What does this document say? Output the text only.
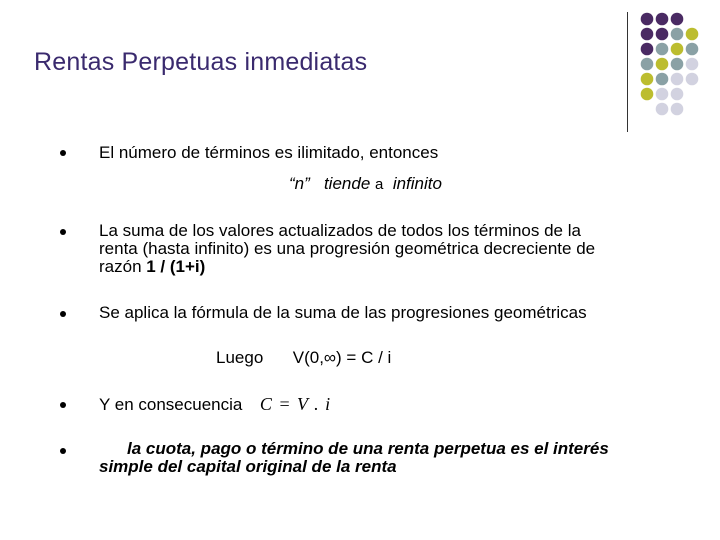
Rentas Perpetuas inmediatas
El número de términos es ilimitado, entonces
“n” tiende a infinito
La suma de los valores actualizados de todos los términos de la
renta (hasta infinito) es una progresión geométrica decreciente de
razón 1 / (1+i)
Se aplica la fórmula de la suma de las progresiones geométricas
Luego V(0,∞) = C / i
Y en consecuencia C = V . i
la cuota, pago o término de una renta perpetua es el interés
simple del capital original de la renta
